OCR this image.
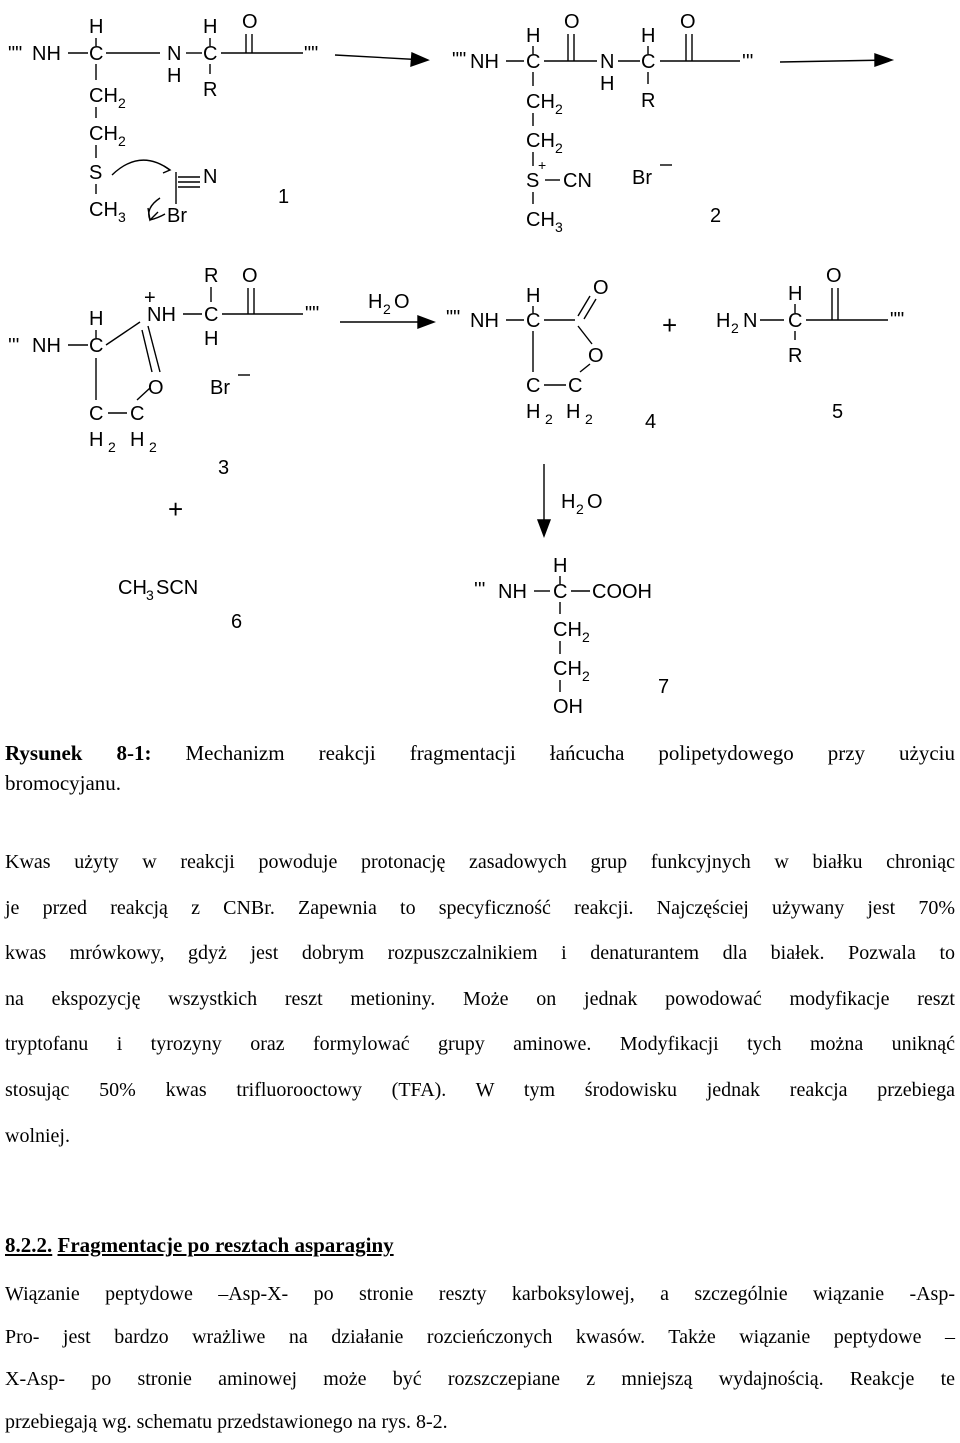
"" NH C
H
N
H
C
H
R
O
""
CH 2
CH 2
S
CH 3
N
Br
1
"" NH C
H
O
N
H
C
H
R
O
'''
CH 2
CH 2
S
+
CN
CH 3
Br
2
''' NH C
H
C
H 2
C
H
O
2
+
NH C
R
H
O
""
Br
3
H 2 O
"" NH C
H	O
O
C C
H 2 H 2	4
+ H 2 N C
H
R
O
""
5
+
CH 3 SCN
6
H 2 O
''' NH C
H
COOH
CH 2
CH 2
OH
7
Rysunek 8-1: Mechanizm reakcji fragmentacji łańcucha polipetydowego przy użyciu
bromocyjanu.
Kwas użyty w reakcji powoduje protonację zasadowych grup funkcyjnych w białku chroniąc
je przed reakcją z CNBr. Zapewnia to specyficzność reakcji. Najczęściej używany jest 70%
kwas mrówkowy, gdyż jest dobrym rozpuszczalnikiem i denaturantem dla białek. Pozwala to
na ekspozycję wszystkich reszt metioniny. Może on jednak powodować modyfikacje reszt
tryptofanu i tyrozyny oraz formylować grupy aminowe. Modyfikacji tych można uniknąć
stosując 50% kwas trifluorooctowy (TFA). W tym środowisku jednak reakcja przebiega
wolniej.
8.2.2. Fragmentacje po resztach asparaginy
Wiązanie peptydowe –Asp-X- po stronie reszty karboksylowej, a szczególnie wiązanie -Asp-
Pro- jest bardzo wrażliwe na działanie rozcieńczonych kwasów. Także wiązanie peptydowe –
X-Asp- po stronie aminowej może być rozszczepiane z mniejszą wydajnością. Reakcje te
przebiegają wg. schematu przedstawionego na rys. 8-2.
